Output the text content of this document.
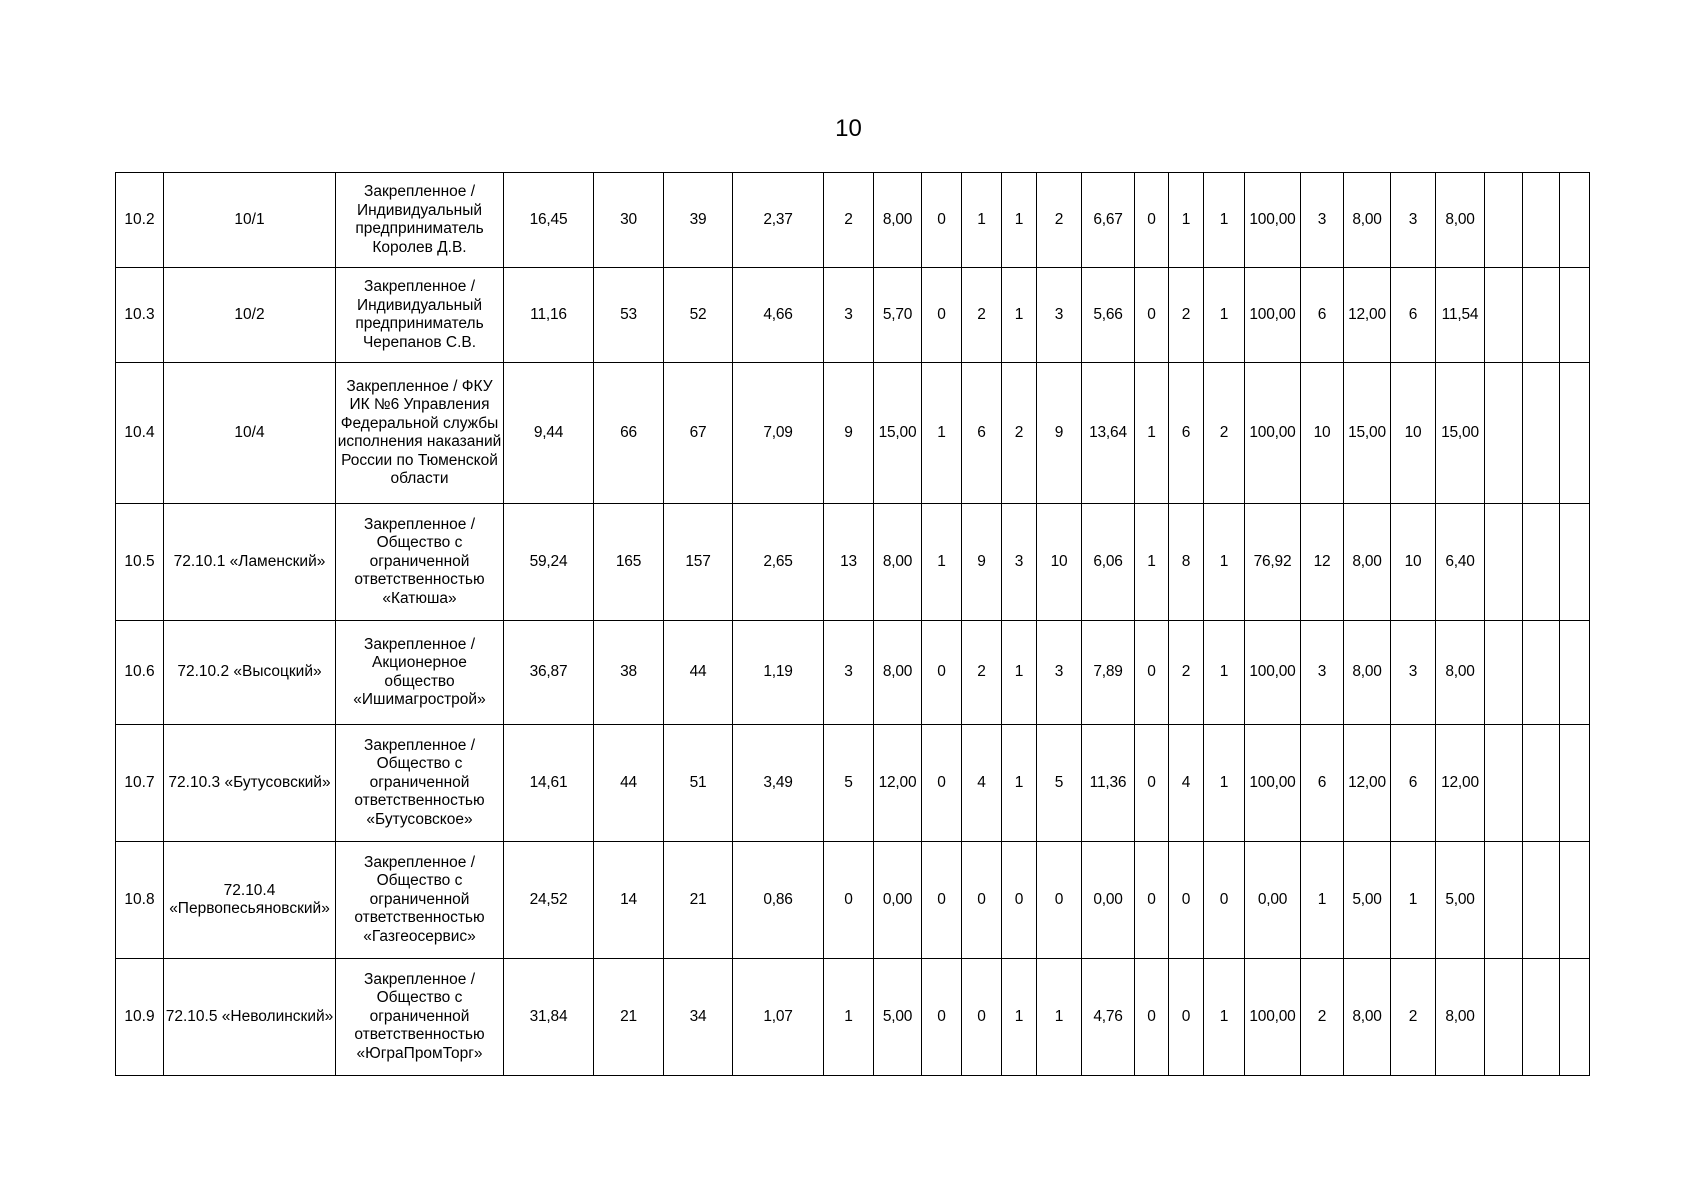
10
10.2	10/1	Закрепленное / Индивидуальный предприниматель Королев Д.В.	16,45	30	39	2,37	2	8,00	0	1	1	2	6,67	0	1	1	100,00	3	8,00	3	8,00			
10.3	10/2	Закрепленное / Индивидуальный предприниматель Черепанов С.В.	11,16	53	52	4,66	3	5,70	0	2	1	3	5,66	0	2	1	100,00	6	12,00	6	11,54			
10.4	10/4	Закрепленное / ФКУ ИК №6 Управления Федеральной службы исполнения наказаний России по Тюменской области	9,44	66	67	7,09	9	15,00	1	6	2	9	13,64	1	6	2	100,00	10	15,00	10	15,00			
10.5	72.10.1 «Ламенский»	Закрепленное / Общество с ограниченной ответственностью «Катюша»	59,24	165	157	2,65	13	8,00	1	9	3	10	6,06	1	8	1	76,92	12	8,00	10	6,40			
10.6	72.10.2 «Высоцкий»	Закрепленное / Акционерное общество «Ишимагрострой»	36,87	38	44	1,19	3	8,00	0	2	1	3	7,89	0	2	1	100,00	3	8,00	3	8,00			
10.7	72.10.3 «Бутусовский»	Закрепленное / Общество с ограниченной ответственностью «Бутусовское»	14,61	44	51	3,49	5	12,00	0	4	1	5	11,36	0	4	1	100,00	6	12,00	6	12,00			
10.8	72.10.4 «Первопесьяновский»	Закрепленное / Общество с ограниченной ответственностью «Газгеосервис»	24,52	14	21	0,86	0	0,00	0	0	0	0	0,00	0	0	0	0,00	1	5,00	1	5,00			
10.9	72.10.5 «Неволинский»	Закрепленное / Общество с ограниченной ответственностью «ЮграПромТорг»	31,84	21	34	1,07	1	5,00	0	0	1	1	4,76	0	0	1	100,00	2	8,00	2	8,00			
